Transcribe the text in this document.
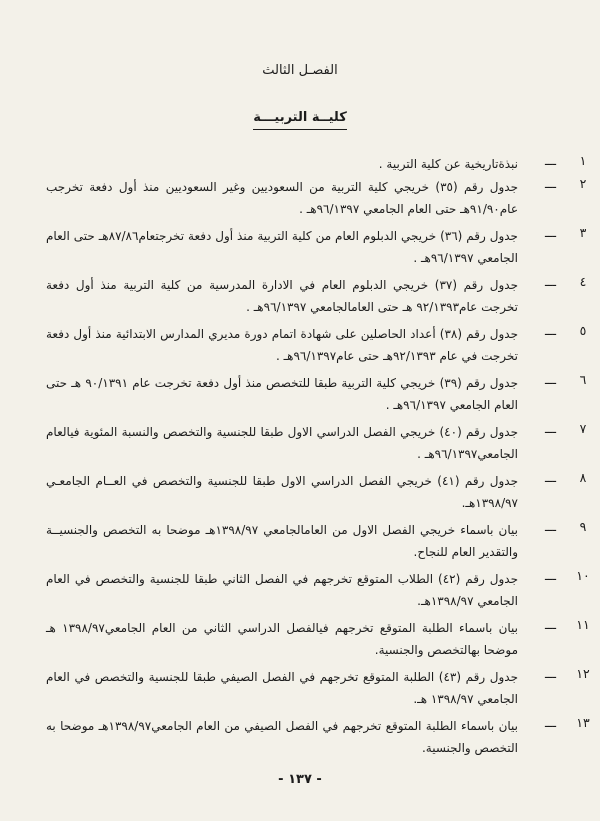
الفصـل الثالث
كليــة التربيـــة
١
ـــ
نبذةتاريخية عن كلية التربية .
٢
ـــ
جدول رقم (٣٥) خريجي كلية التربية من السعوديين وغير السعوديين منذ أول دفعة تخرجب عام٩١/٩٠هـ حتى العام الجامعي ٩٦/١٣٩٧هـ .
٣
ـــ
جدول رقم (٣٦) خريجي الدبلوم العام من كلية التربية منذ أول دفعة تخرجتعام٨٧/٨٦هـ حتى العام الجامعي ٩٦/١٣٩٧هـ .
٤
ـــ
جدول رقم (٣٧) خريجي الدبلوم العام في الادارة المدرسية من كلية التربية منذ أول دفعة تخرجت عام٩٢/١٣٩٣ هـ حتى العامالجامعي ٩٦/١٣٩٧هـ .
٥
ـــ
جدول رقم (٣٨) أعداد الحاصلين على شهادة اتمام دورة مديري المدارس الابتدائية منذ أول دفعة تخرجت في عام ٩٢/١٣٩٣هـ حتى عام٩٦/١٣٩٧هـ .
٦
ـــ
جدول رقم (٣٩) خريجي كلية التربية طبقا للتخصص منذ أول دفعة تخرجت عام ٩٠/١٣٩١ هـ حتى العام الجامعي ٩٦/١٣٩٧هـ .
٧
ـــ
جدول رقم (٤٠) خريجي الفصل الدراسي الاول طبقا للجنسية والتخصص والنسبة المئوية فيالعام الجامعي٩٦/١٣٩٧هـ .
٨
ـــ
جدول رقم (٤١) خريجي الفصل الدراسي الاول طبقا للجنسية والتخصص في العــام الجامعـي ١٣٩٨/٩٧هـ.
٩
ـــ
بيان باسماء خريجي الفصل الاول من العامالجامعي ١٣٩٨/٩٧هـ موضحا به التخصص والجنسيــة والتقدير العام للنجاح.
١٠
ـــ
جدول رقم (٤٢) الطلاب المتوقع تخرجهم في الفصل الثاني طبقا للجنسية والتخصص في العام الجامعي ١٣٩٨/٩٧هـ.
١١
ـــ
بيان باسماء الطلبة المتوقع تخرجهم فيالفصل الدراسي الثاني من العام الجامعي١٣٩٨/٩٧ هـ موضحا بهالتخصص والجنسية.
١٢
ـــ
جدول رقم (٤٣) الطلبة المتوقع تخرجهم في الفصل الصيفي طبقا للجنسية والتخصص في العام الجامعي ١٣٩٨/٩٧ هـ.
١٣
ـــ
بيان باسماء الطلبة المتوقع تخرجهم في الفصل الصيفي من العام الجامعي١٣٩٨/٩٧هـ موضحا به التخصص والجنسية.
- ١٣٧ -
